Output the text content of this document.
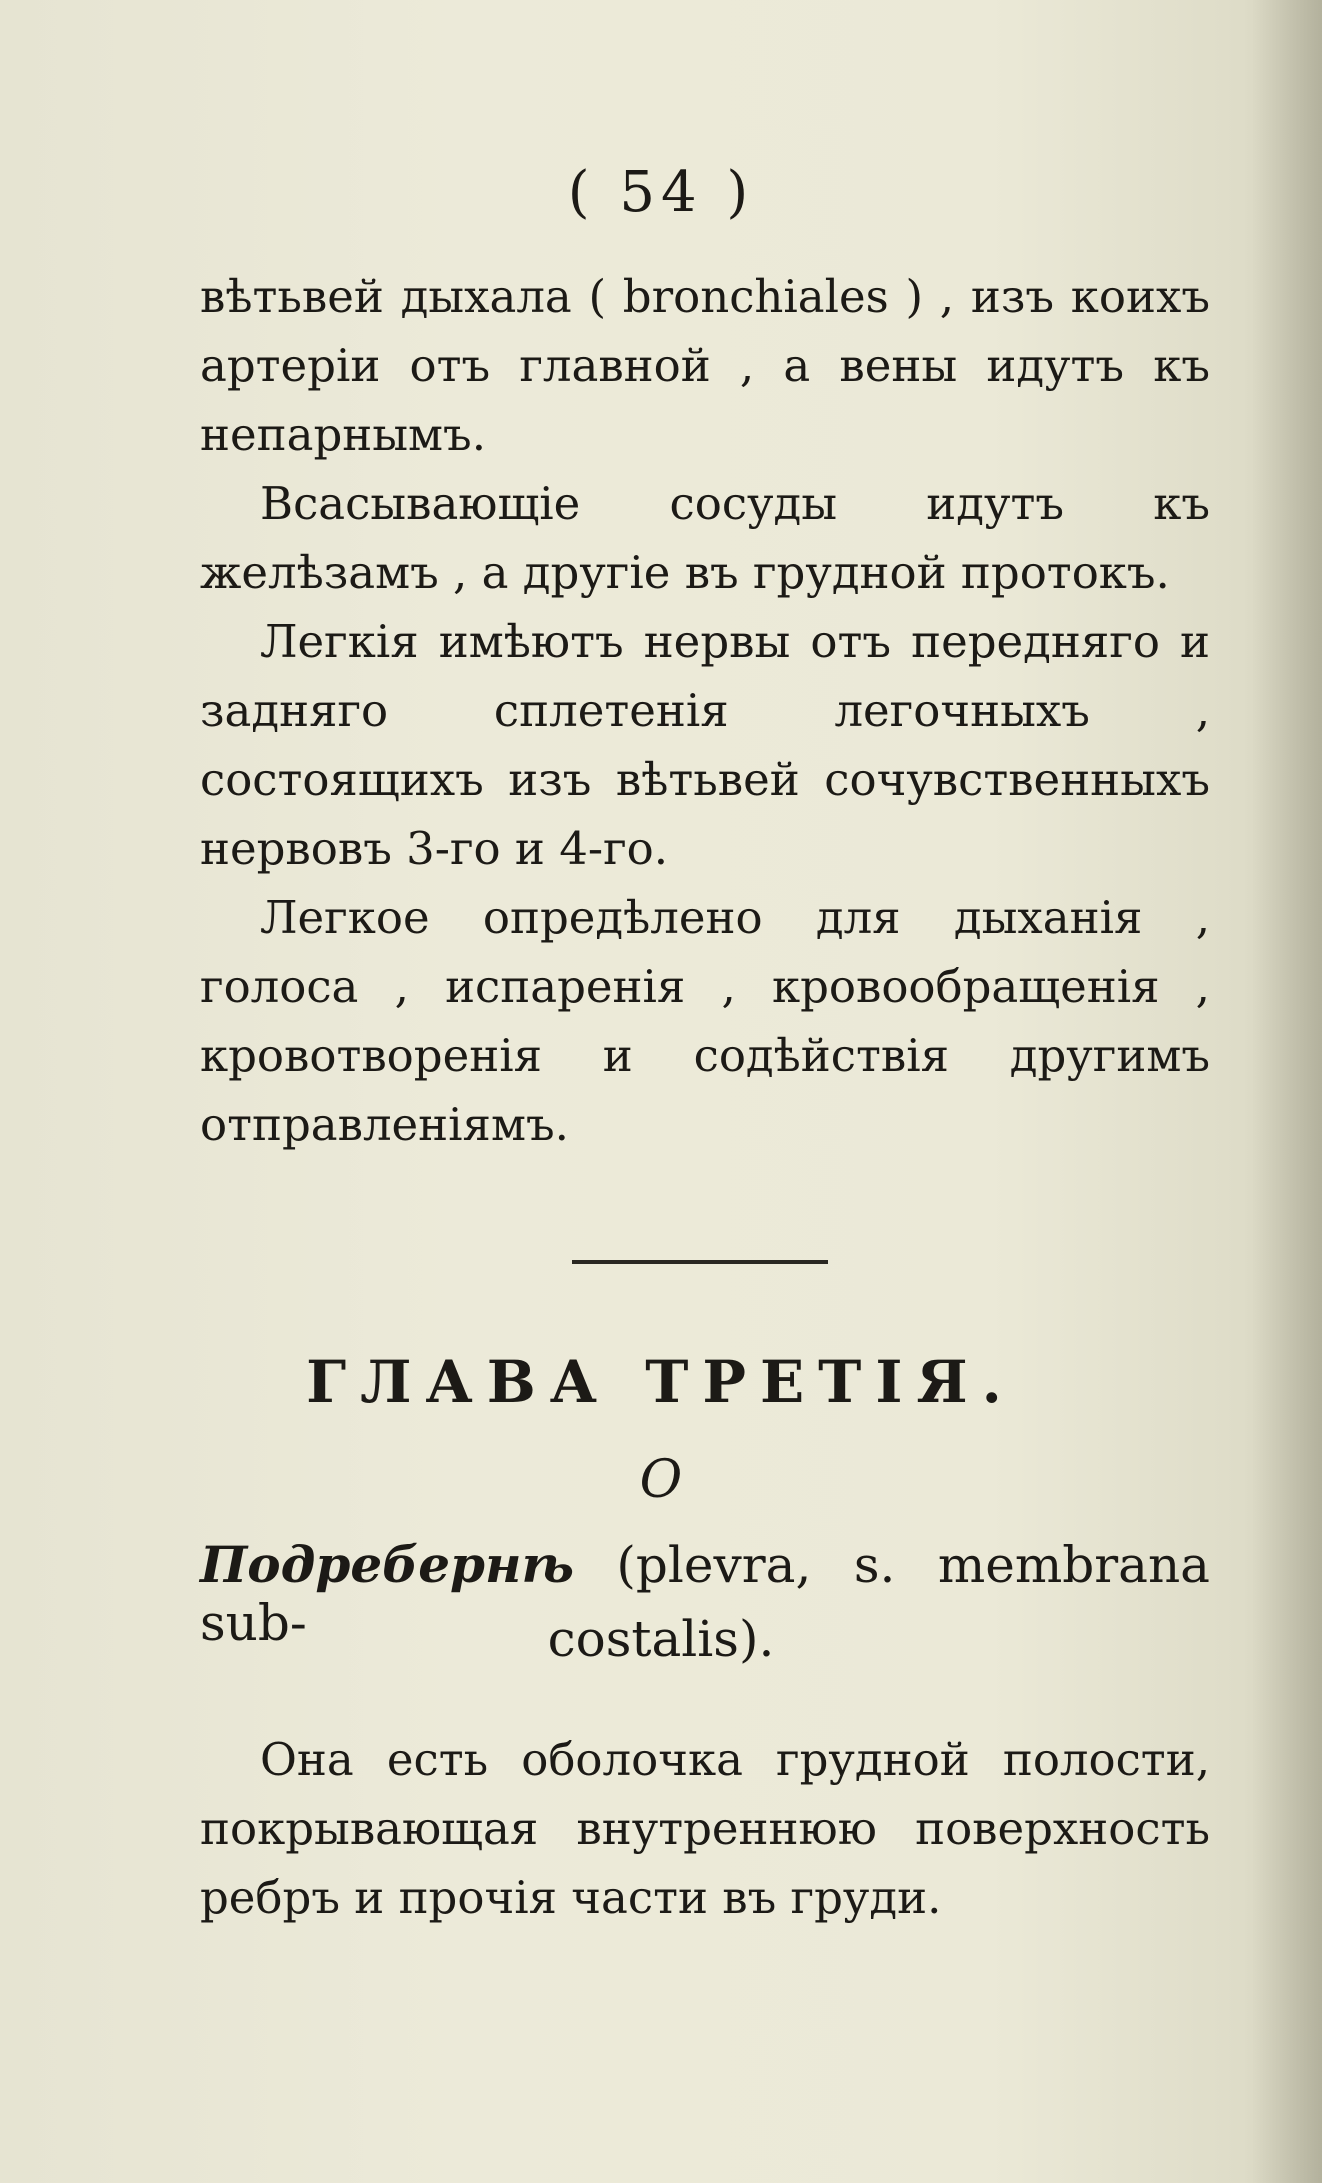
( 54 )

вѣтьвей дыхала ( bronchiales ) , изъ коихъ артерiи отъ главной , а вены идутъ къ непарнымъ.

Всасывающiе сосуды идутъ къ желѣзамъ , а другiе въ грудной протокъ.

Легкiя имѣютъ нервы отъ передняго и задняго сплетенiя легочныхъ , состоящихъ изъ вѣтьвей сочувственныхъ нервовъ 3-го и 4-го.

Легкое опредѣлено для дыханiя , голоса , испаренiя , кровообращенiя , кровотворенiя и содѣйствiя другимъ отправленiямъ.

ГЛАВА ТРЕТIЯ.
О
Подребернѣ (plevra, s. membrana sub-	costalis).

Она есть оболочка грудной полости, покрывающая внутреннюю поверхность ребръ и прочiя части въ груди.
